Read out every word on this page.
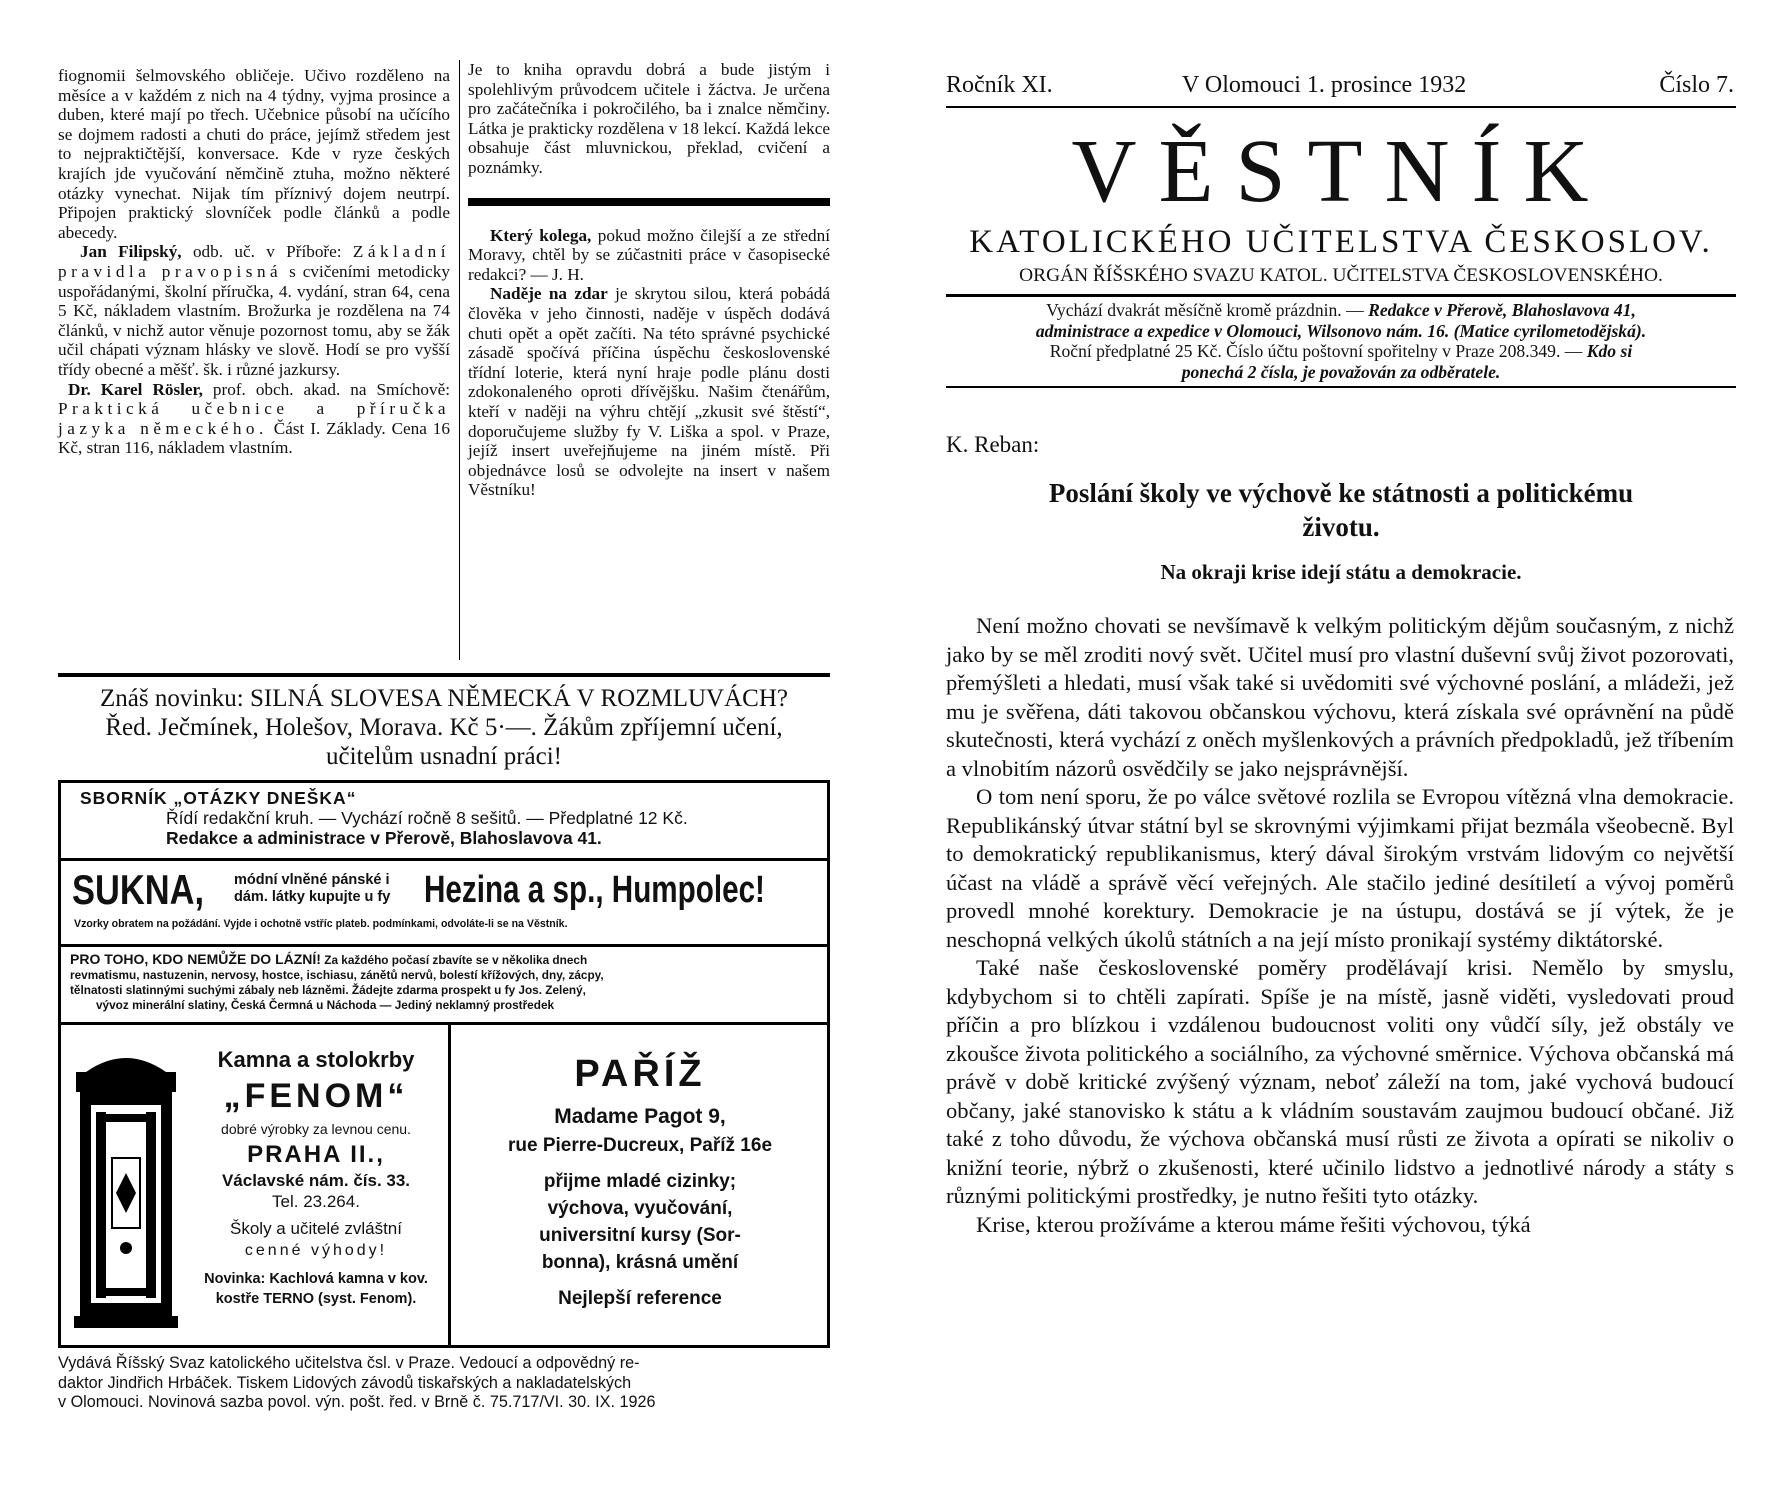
fiognomii šelmovského obličeje. Učivo rozděleno na měsíce a v každém z nich na 4 týdny, vyjma prosince a duben, které mají po třech. Učebnice působí na učícího se dojmem radosti a chuti do práce, jejímž středem jest to nejpraktičtější, konversace. Kde v ryze českých krajích jde vyučování němčině ztuha, možno některé otázky vynechat. Nijak tím příznivý dojem neutrpí. Připojen praktický slovníček podle článků a podle abecedy.

Jan Filipský, odb. uč. v Příboře: Základní pravidla pravopisná s cvičeními metodicky uspořádanými, školní příručka, 4. vydání, stran 64, cena 5 Kč, nákladem vlastním. Brožurka je rozdělena na 74 článků, v nichž autor věnuje pozornost tomu, aby se žák učil chápati význam hlásky ve slově. Hodí se pro vyšší třídy obecné a měšť. šk. i různé jazkursy.

Dr. Karel Rösler, prof. obch. akad. na Smíchově: Praktická učebnice a příručka jazyka německého. Část I. Základy. Cena 16 Kč, stran 116, nákladem vlastním.

Je to kniha opravdu dobrá a bude jistým i spolehlivým průvodcem učitele i žáctva. Je určena pro začátečníka i pokročilého, ba i znalce němčiny. Látka je prakticky rozdělena v 18 lekcí. Každá lekce obsahuje část mluvnickou, překlad, cvičení a poznámky.

Který kolega, pokud možno čilejší a ze střední Moravy, chtěl by se zúčastniti práce v časopisecké redakci? — J. H.

Naděje na zdar je skrytou silou, která pobádá člověka v jeho činnosti, naděje v úspěch dodává chuti opět a opět začíti. Na této správné psychické zásadě spočívá příčina úspěchu československé třídní loterie, která nyní hraje podle plánu dosti zdokonaleného oproti dřívějšku. Našim čtenářům, kteří v naději na výhru chtějí „zkusit své štěstí“, doporučujeme služby fy V. Liška a spol. v Praze, jejíž insert uveřejňujeme na jiném místě. Při objednávce losů se odvolejte na insert v našem Věstníku!

Znáš novinku: SILNÁ SLOVESA NĚMECKÁ V ROZMLUVÁCH?
Řed. Ječmínek, Holešov, Morava. Kč 5·—. Žákům zpříjemní učení,
učitelům usnadní práci!
SBORNÍK „OTÁZKY DNEŠKA“
Řídí redakční kruh. — Vychází ročně 8 sešitů. — Předplatné 12 Kč.
Redakce a administrace v Přerově, Blahoslavova 41.
SUKNA, módní vlněné pánské i
dám. látky kupujte u fy Hezina a sp., Humpolec!
Vzorky obratem na požádání. Vyjde i ochotně vstříc plateb. podmínkami, odvoláte-li se na Věstník.
PRO TOHO, KDO NEMŮŽE DO LÁZNÍ! Za každého počasí zbavíte se v několika dnech
revmatismu, nastuzenin, nervosy, hostce, ischiasu, zánětů nervů, bolestí křížových, dny, zácpy,
tělnatosti slatinnými suchými zábaly neb lázněmi. Žádejte zdarma prospekt u fy Jos. Zelený,
vývoz minerální slatiny, Česká Čermná u Náchoda — Jediný neklamný prostředek
Kamna a stolokrby
„FENOM“
dobré výrobky za levnou cenu.
PRAHA II.,
Václavské nám. čís. 33.
Tel. 23.264.
Školy a učitelé zvláštní
cenné výhody!
Novinka: Kachlová kamna v kov.
kostře TERNO (syst. Fenom).
PAŘÍŽ
Madame Pagot 9,
rue Pierre-Ducreux, Paříž 16e
přijme mladé cizinky;
výchova, vyučování,
universitní kursy (Sor-
bonna), krásná umění
Nejlepší reference
Vydává Říšský Svaz katolického učitelstva čsl. v Praze. Vedoucí a odpovědný re-
daktor Jindřich Hrbáček. Tiskem Lidových závodů tiskařských a nakladatelských
v Olomouci. Novinová sazba povol. výn. pošt. řed. v Brně č. 75.717/VI. 30. IX. 1926
Ročník XI.	V Olomouci 1. prosince 1932	Číslo 7.
VĚSTNÍK
KATOLICKÉHO UČITELSTVA ČESKOSLOV.
ORGÁN ŘÍŠSKÉHO SVAZU KATOL. UČITELSTVA ČESKOSLOVENSKÉHO.
Vychází dvakrát měsíčně kromě prázdnin. — Redakce v Přerově, Blahoslavova 41,
administrace a expedice v Olomouci, Wilsonovo nám. 16. (Matice cyrilometodějská).
Roční předplatné 25 Kč. Číslo účtu poštovní spořitelny v Praze 208.349. — Kdo si
ponechá 2 čísla, je považován za odběratele.
K. Reban:
Poslání školy ve výchově ke státnosti a politickému
životu.
Na okraji krise idejí státu a demokracie.

Není možno chovati se nevšímavě k velkým politickým dějům současným, z nichž jako by se měl zroditi nový svět. Učitel musí pro vlastní duševní svůj život pozorovati, přemýšleti a hledati, musí však také si uvědomiti své výchovné poslání, a mládeži, jež mu je svěřena, dáti takovou občanskou výchovu, která získala své oprávnění na půdě skutečnosti, která vychází z oněch myšlenkových a právních předpokladů, jež tříbením a vlnobitím názorů osvědčily se jako nejsprávnější.

O tom není sporu, že po válce světové rozlila se Evropou vítězná vlna demokracie. Republikánský útvar státní byl se skrovnými výjimkami přijat bezmála všeobecně. Byl to demokratický republikanismus, který dával širokým vrstvám lidovým co největší účast na vládě a správě věcí veřejných. Ale stačilo jediné desítiletí a vývoj poměrů provedl mnohé korektury. Demokracie je na ústupu, dostává se jí výtek, že je neschopná velkých úkolů státních a na její místo pronikají systémy diktátorské.

Také naše československé poměry prodělávají krisi. Nemělo by smyslu, kdybychom si to chtěli zapírati. Spíše je na místě, jasně viděti, vysledovati proud příčin a pro blízkou i vzdálenou budoucnost voliti ony vůdčí síly, jež obstály ve zkoušce života politického a sociálního, za výchovné směrnice. Výchova občanská má právě v době kritické zvýšený význam, neboť záleží na tom, jaké vychová budoucí občany, jaké stanovisko k státu a k vládním soustavám zaujmou budoucí občané. Již také z toho důvodu, že výchova občanská musí růsti ze života a opírati se nikoliv o knižní teorie, nýbrž o zkušenosti, které učinilo lidstvo a jednotlivé národy a státy s různými politickými prostředky, je nutno řešiti tyto otázky.

Krise, kterou prožíváme a kterou máme řešiti výchovou, týká
